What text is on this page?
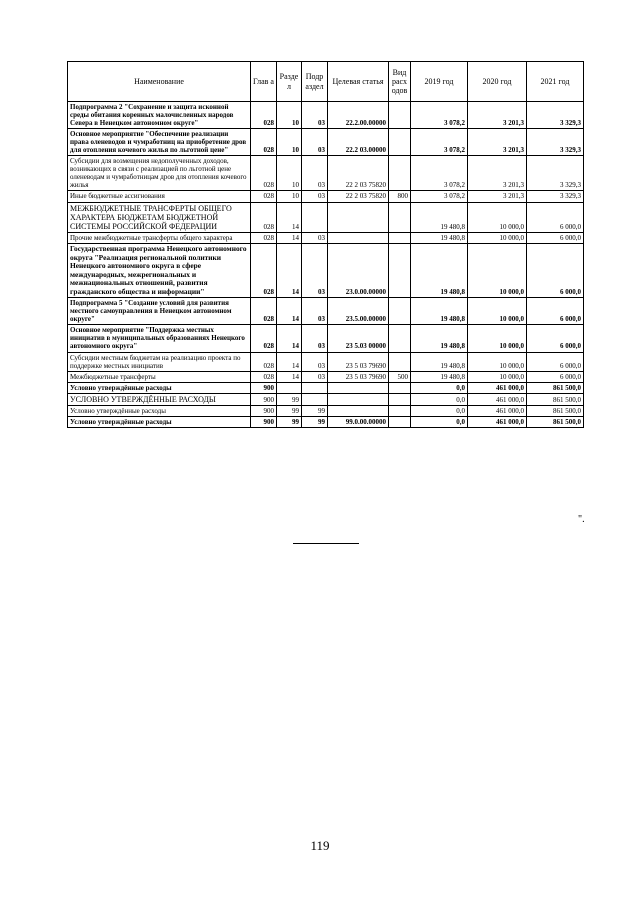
Наименование	Глав а	Разде л	Подр аздел	Целевая статья	Вид расх одов	2019 год	2020 год	2021 год
Подпрограмма 2 "Сохранение и защита исконной среды обитания коренных малочисленных народов Севера в Ненецком автономном округе"	028	10	03	22.2.00.00000		3 078,2	3 201,3	3 329,3
Основное мероприятие "Обеспечение реализации права оленеводов и чумработниц на приобретение дров для отопления кочевого жилья по льготной цене"	028	10	03	22.2 03.00000		3 078,2	3 201,3	3 329,3
Субсидии для возмещения недополученных доходов, возникающих в связи с реализацией по льготной цене оленеводам и чумработницам дров для отопления кочевого жилья	028	10	03	22 2 03 75820		3 078,2	3 201,3	3 329,3
Иные бюджетные ассигнования	028	10	03	22 2 03 75820	800	3 078,2	3 201,3	3 329,3
МЕЖБЮДЖЕТНЫЕ ТРАНСФЕРТЫ ОБЩЕГО ХАРАКТЕРА БЮДЖЕТАМ БЮДЖЕТНОЙ СИСТЕМЫ РОССИЙСКОЙ ФЕДЕРАЦИИ	028	14				19 480,8	10 000,0	6 000,0
Прочие межбюджетные трансферты общего характера	028	14	03			19 480,8	10 000,0	6 000,0
Государственная программа Ненецкого автономного округа "Реализация региональной политики Ненецкого автономного округа в сфере международных, межрегиональных и межнациональных отношений, развития гражданского общества и информации"	028	14	03	23.0.00.00000		19 480,8	10 000,0	6 000,0
Подпрограмма 5 "Создание условий для развития местного самоуправления в Ненецком автономном округе"	028	14	03	23.5.00.00000		19 480,8	10 000,0	6 000,0
Основное мероприятие "Поддержка местных инициатив в муниципальных образованиях Ненецкого автономного округа"	028	14	03	23 5.03 00000		19 480,8	10 000,0	6 000,0
Субсидии местным бюджетам на реализацию проекта по поддержке местных инициатив	028	14	03	23 5 03 79690		19 480,8	10 000,0	6 000,0
Межбюджетные трансферты	028	14	03	23 5 03 79690	500	19 480,8	10 000,0	6 000,0
Условно утверждённые расходы	900					0,0	461 000,0	861 500,0
УСЛОВНО УТВЕРЖДЁННЫЕ РАСХОДЫ	900	99				0,0	461 000,0	861 500,0
Условно утверждённые расходы	900	99	99			0,0	461 000,0	861 500,0
Условно утверждённые расходы	900	99	99	99.0.00.00000		0,0	461 000,0	861 500,0
".
119
